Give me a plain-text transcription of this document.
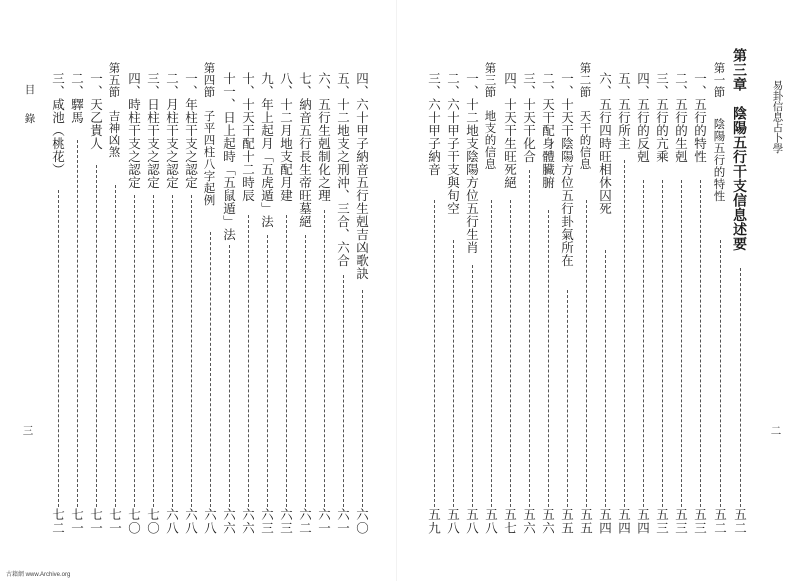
易卦信息占卜學
二
目　錄
三
第三章　陰陽五行干支信息述要
五二
第一節
陰陽五行的特性
五二
一、五行的特性
五三
二、五行的生剋
五三
三、五行的亢乘
五三
四、五行的反剋
五四
五、五行所主
五四
六、五行四時旺相休囚死
五四
第二節　天干的信息
五五
一、十天干陰陽方位五行卦氣所在
五五
二、天干配身體臟腑
五六
三、十天干化合
五六
四、十天干生旺死絕
五七
第三節　地支的信息
五八
一、十二地支陰陽方位五行生肖
五八
二、六十甲子干支與旬空
五八
三、六十甲子納音
五九
四、六十甲子納音五行生剋吉凶歌訣
六〇
五、十二地支之刑沖、三合、六合
六一
六、五行生剋制化之理
六一
七、納音五行長生帝旺墓絕
六二
八、十二月地支配月建
六三
九、年上起月「五虎遁」法
六三
十、十天干配十二時辰
六六
十一、日上起時「五鼠遁」法
六六
第四節　子平四柱八字起例
六八
一、年柱干支之認定
六八
二、月柱干支之認定
六八
三、日柱干支之認定
七〇
四、時柱干支之認定
七〇
第五節　吉神凶煞
七一
一、天乙貴人
七一
二、驛馬
七一
三、咸池（桃花）
七二
古籍網 www.Archive.org
